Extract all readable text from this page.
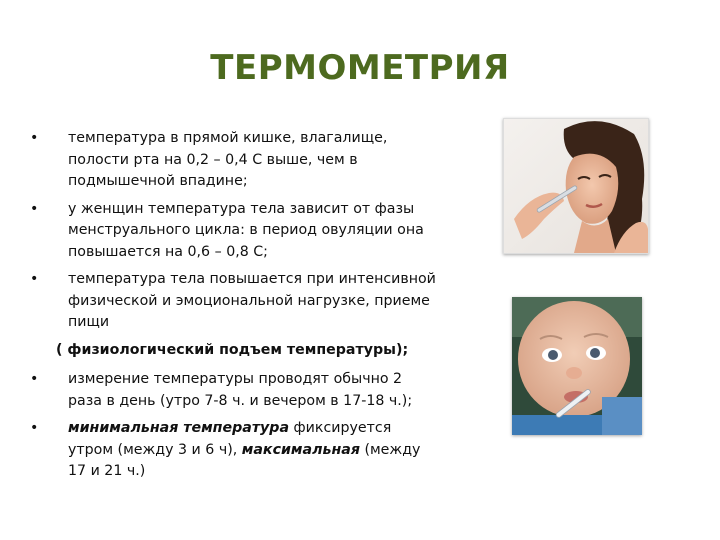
ТЕРМОМЕТРИЯ
•	температура в прямой кишке, влагалище, полости рта на 0,2 – 0,4 С выше, чем в подмышечной впадине;
•	у женщин температура тела зависит от фазы менструального цикла: в период овуляции она повышается на 0,6 – 0,8 С;
•	температура тела повышается при интенсивной физической и эмоциональной нагрузке, приеме пищи
( физиологический подъем температуры);
•	измерение температуры проводят обычно 2 раза в день (утро 7-8 ч. и вечером в 17-18 ч.);
•	минимальная температура фиксируется утром (между 3 и 6 ч), максимальная (между 17 и 21 ч.)
